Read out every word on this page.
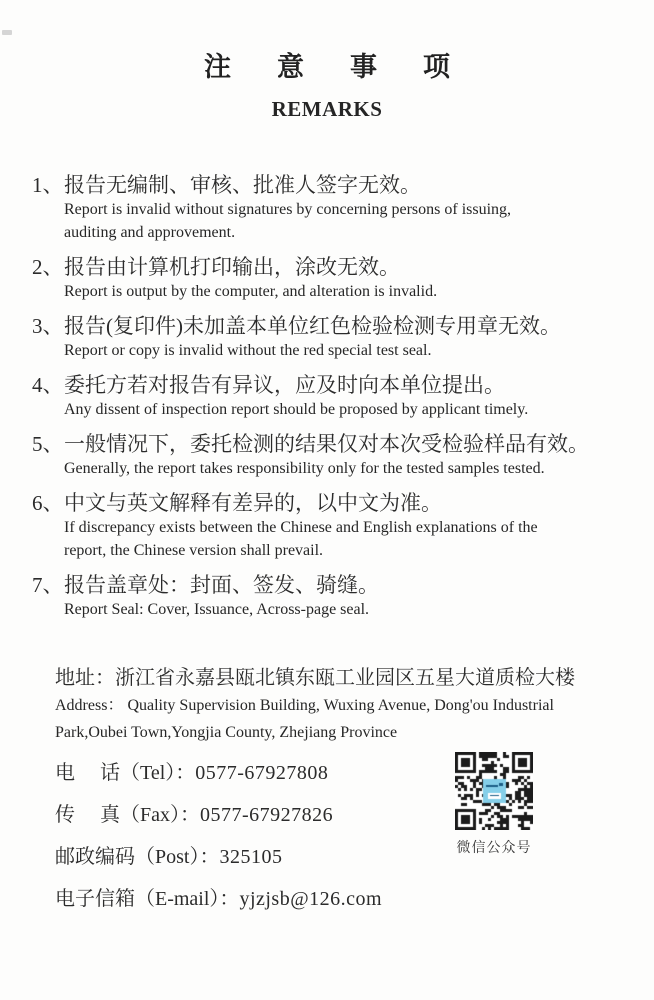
注意事项
REMARKS
1、 报告无编制、审核、批准人签字无效。
Report is invalid without signatures by concerning persons of issuing,
auditing and approvement.
2、 报告由计算机打印输出，涂改无效。
Report is output by the computer, and alteration is invalid.
3、 报告(复印件)未加盖本单位红色检验检测专用章无效。
Report or copy is invalid without the red special test seal.
4、 委托方若对报告有异议，应及时向本单位提出。
Any dissent of inspection report should be proposed by applicant timely.
5、 一般情况下，委托检测的结果仅对本次受检验样品有效。
Generally, the report takes responsibility only for the tested samples tested.
6、 中文与英文解释有差异的，以中文为准。
If discrepancy exists between the Chinese and English explanations of the
report, the Chinese version shall prevail.
7、 报告盖章处：封面、签发、骑缝。
Report Seal: Cover, Issuance, Across-page seal.
地址：浙江省永嘉县瓯北镇东瓯工业园区五星大道质检大楼
Address： Quality Supervision Building, Wuxing Avenue, Dong'ou Industrial
Park,Oubei Town,Yongjia County, Zhejiang Province
电　 话（Tel）：0577-67927808
传　 真（Fax）：0577-67927826
邮政编码（Post）：325105
电子信箱（E-mail）：yjzjsb@126.com
微信公众号
